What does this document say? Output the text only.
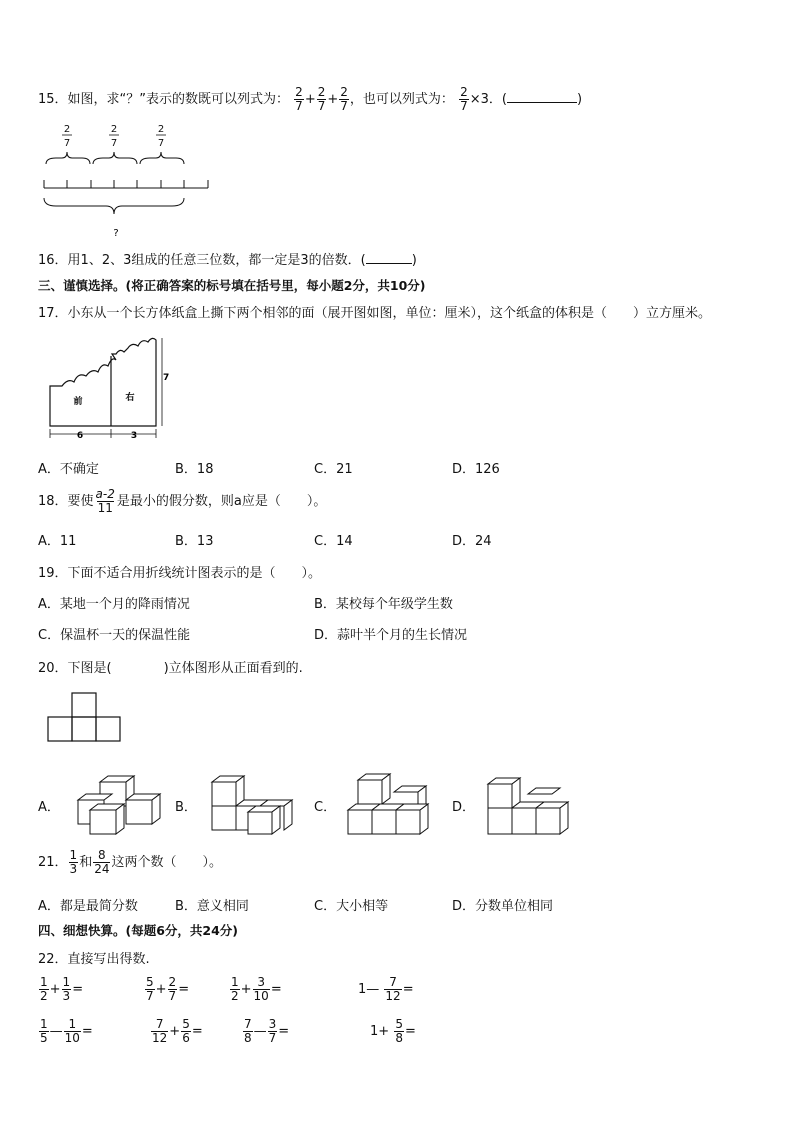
15．如图，求“？”表示的数既可以列式为： $\frac{2}{7} + \frac{2}{7} + \frac{2}{7}$ ，也可以列式为： $\frac{2}{7} \times 3$．(	)
2
7
2
7
2
7
?
16．用1、2、3组成的任意三位数，都一定是3的倍数．(	)
三、谨慎选择。(将正确答案的标号填在括号里，每小题2分，共10分)
17．小东从一个长方体纸盒上撕下两个相邻的面（展开图如图，单位：厘米），这个纸盒的体积是（　　）立方厘米。
前	右
6	3
7
A．不确定	B．18	C．21	D．126
18．要使 $\frac{a-2}{11}$ 是最小的假分数，则a应是（　　）。
A．11	B．13	C．14	D．24
19．下面不适合用折线统计图表示的是（　　）。
A．某地一个月的降雨情况	B．某校每个年级学生数
C．保温杯一天的保温性能	D．蒜叶半个月的生长情况
20．下图是(　　　　)立体图形从正面看到的.
A．	B．	C．	D．
21． $\frac{1}{3}$ 和 $\frac{8}{24}$ 这两个数（　　）。
A．都是最简分数	B．意义相同	C．大小相等	D．分数单位相同
四、细想快算。(每题6分，共24分)
22．直接写出得数.
$\frac{1}{2} + \frac{1}{3}$ =	$\frac{5}{7} + \frac{2}{7}$ =	$\frac{1}{2} + \frac{3}{10}$ =	1— $\frac{7}{12}$ =
$\frac{1}{5}$ — $\frac{1}{10}$ =	$\frac{7}{12} + \frac{5}{6}$ =	$\frac{7}{8}$ — $\frac{3}{7}$ =	$1+ \frac{5}{8}$ =
